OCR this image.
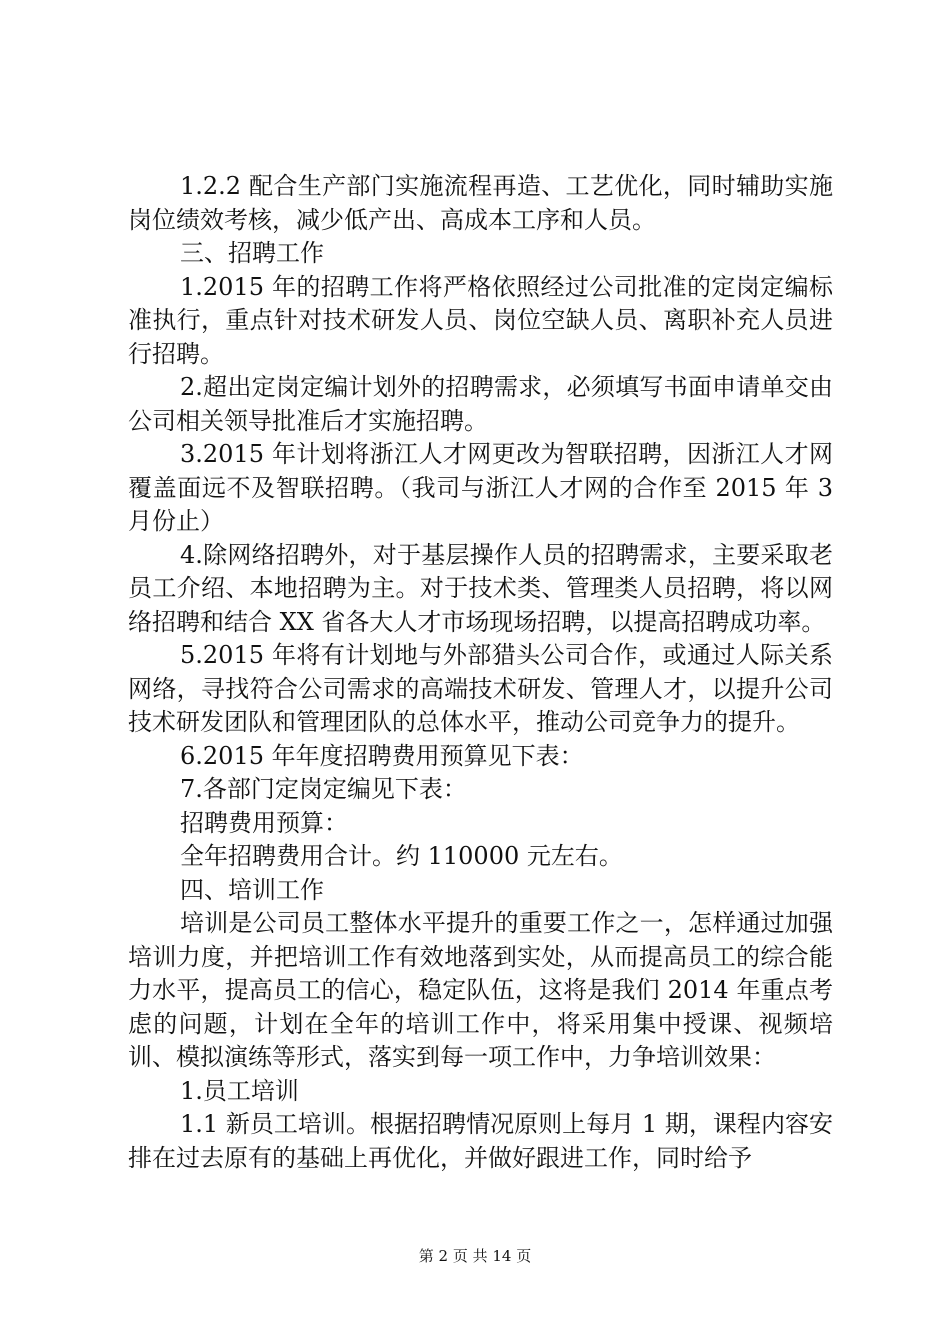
1.2.2 配合生产部门实施流程再造、工艺优化，同时辅助实施岗位绩效考核，减少低产出、高成本工序和人员。

三、招聘工作

1.2015 年的招聘工作将严格依照经过公司批准的定岗定编标准执行，重点针对技术研发人员、岗位空缺人员、离职补充人员进行招聘。

2.超出定岗定编计划外的招聘需求，必须填写书面申请单交由公司相关领导批准后才实施招聘。

3.2015 年计划将浙江人才网更改为智联招聘，因浙江人才网覆盖面远不及智联招聘。（我司与浙江人才网的合作至 2015 年 3 月份止）

4.除网络招聘外，对于基层操作人员的招聘需求，主要采取老员工介绍、本地招聘为主。对于技术类、管理类人员招聘，将以网络招聘和结合 XX 省各大人才市场现场招聘，以提高招聘成功率。

5.2015 年将有计划地与外部猎头公司合作，或通过人际关系网络，寻找符合公司需求的高端技术研发、管理人才，以提升公司技术研发团队和管理团队的总体水平，推动公司竞争力的提升。

6.2015 年年度招聘费用预算见下表：

7.各部门定岗定编见下表：

招聘费用预算：

全年招聘费用合计。约 110000 元左右。

四、培训工作

培训是公司员工整体水平提升的重要工作之一，怎样通过加强培训力度，并把培训工作有效地落到实处，从而提高员工的综合能力水平，提高员工的信心，稳定队伍，这将是我们 2014 年重点考虑的问题，计划在全年的培训工作中，将采用集中授课、视频培训、模拟演练等形式，落实到每一项工作中，力争培训效果：

1.员工培训

1.1 新员工培训。根据招聘情况原则上每月 1 期，课程内容安排在过去原有的基础上再优化，并做好跟进工作，同时给予

第 2 页 共 14 页
